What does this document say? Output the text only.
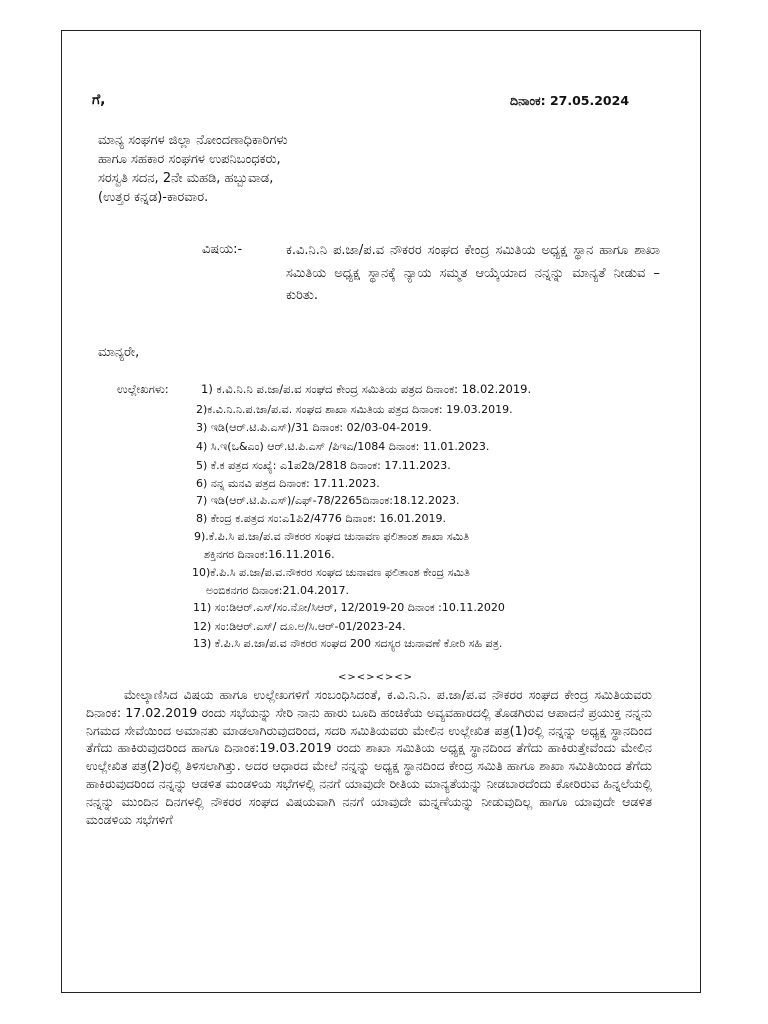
ಗೆ,	ದಿನಾಂಕ: 27.05.2024
ಮಾನ್ಯ ಸಂಘಗಳ ಜಿಲ್ಲಾ ನೋಂದಣಾಧಿಕಾರಿಗಳು
ಹಾಗೂ ಸಹಕಾರ ಸಂಘಗಳ ಉಪನಿಬಂಧಕರು,
ಸರಸ್ವತಿ ಸದನ, 2ನೇ ಮಹಡಿ, ಹಬ್ಬುವಾಡ,
(ಉತ್ತರ ಕನ್ನಡ)-ಕಾರವಾರ.
ವಿಷಯ:-	ಕ.ವಿ.ನಿ.ನಿ ಪ.ಜಾ/ಪ.ವ ನೌಕರರ ಸಂಘದ ಕೇಂದ್ರ ಸಮಿತಿಯ ಅಧ್ಯಕ್ಷ ಸ್ಥಾನ ಹಾಗೂ ಶಾಖಾ ಸಮಿತಿಯ ಅಧ್ಯಕ್ಷ ಸ್ಥಾನಕ್ಕೆ ನ್ಯಾಯ ಸಮ್ಮತ ಆಯ್ಕೆಯಾದ ನನ್ನನ್ನು ಮಾನ್ಯತೆ ನೀಡುವ – ಕುರಿತು.
ಮಾನ್ಯರೇ,
ಉಲ್ಲೇಖಗಳು:	1) ಕ.ವಿ.ನಿ.ನಿ ಪ.ಜಾ/ಪ.ವ ಸಂಘದ ಕೇಂದ್ರ ಸಮಿತಿಯ ಪತ್ರದ ದಿನಾಂಕ: 18.02.2019.
2)ಕ.ವಿ.ನಿ.ನಿ.ಪ.ಜಾ/ಪ.ವ. ಸಂಘದ ಶಾಖಾ ಸಮಿತಿಯ ಪತ್ರದ ದಿನಾಂಕ: 19.03.2019.
3) ಇಡಿ(ಆರ್.ಟಿ.ಪಿ.ಎಸ್)/31 ದಿನಾಂಕ: 02/03-04-2019.
4) ಸಿ.ಇ(ಒ&ಎಂ) ಆರ್.ಟಿ.ಪಿ.ಎಸ್ /ಪಿಇಎ/1084 ದಿನಾಂಕ: 11.01.2023.
5) ಕೆ.ಕ ಪತ್ರದ ಸಂಖ್ಯೆ: ಎ1ಪ2ಡಿ/2818 ದಿನಾಂಕ: 17.11.2023.
6) ನನ್ನ ಮನವಿ ಪತ್ರದ ದಿನಾಂಕ: 17.11.2023.
7) ಇಡಿ(ಆರ್.ಟಿ.ಪಿ.ಎಸ್)/ಎಫ್-78/2265ದಿನಾಂಕ:18.12.2023.
8) ಕೇಂದ್ರ ಕ.ಪತ್ರದ ಸಂ:ಎ1ಪಿ2/4776 ದಿನಾಂಕ: 16.01.2019.
9).ಕೆ.ಪಿ.ಸಿ ಪ.ಜಾ/ಪ.ವ ನೌಕರರ ಸಂಘದ ಚುನಾವಣ ಫಲಿತಾಂಶ ಶಾಖಾ ಸಮಿತಿ
ಶಕ್ತಿನಗರ ದಿನಾಂಕ:16.11.2016.
10)ಕೆ.ಪಿ.ಸಿ ಪ.ಜಾ/ಪ.ವ.ನೌಕರರ ಸಂಘದ ಚುನಾವಣ ಫಲಿತಾಂಶ ಕೇಂದ್ರ ಸಮಿತಿ
ಅಂಬಿಕನಗರ ದಿನಾಂಕ:21.04.2017.
11) ಸಂ:ಡಿಆರ್.ಎಸ್/ಸಂ.ನೋ/ಸಿಆರ್, 12/2019-20 ದಿನಾಂಕ :10.11.2020
12) ಸಂ:ಡಿಆರ್.ಎಸ್/ ದೂ.ಅ/ಸಿ.ಆರ್-01/2023-24.
13) ಕೆ.ಪಿ.ಸಿ ಪ.ಜಾ/ಪ.ವ ನೌಕರರ ಸಂಘದ 200 ಸದಸ್ಯರ ಚುನಾವಣೆ ಕೋರಿ ಸಹಿ ಪತ್ರ.
<><><><>

ಮೇಲ್ಕಾಣಿಸಿದ ವಿಷಯ ಹಾಗೂ ಉಲ್ಲೇಖಗಳಿಗೆ ಸಂಬಂಧಿಸಿದಂತೆ, ಕ.ವಿ.ನಿ.ನಿ. ಪ.ಜಾ/ಪ.ವ ನೌಕರರ ಸಂಘದ ಕೇಂದ್ರ ಸಮಿತಿಯವರು ದಿನಾಂಕ: 17.02.2019 ರಂದು ಸಭೆಯನ್ನು ಸೇರಿ ನಾನು ಹಾರು ಬೂದಿ ಹಂಚಿಕೆಯ ಅವ್ಯವಹಾರದಲ್ಲಿ ತೊಡಗಿರುವ ಆಪಾದನೆ ಪ್ರಯುಕ್ತ ನನ್ನನು ನಿಗಮದ ಸೇವೆಯಿಂದ ಅಮಾನತು ಮಾಡಲಾಗಿರುವುದರಿಂದ, ಸದರಿ ಸಮಿತಿಯವರು ಮೇಲಿನ ಉಲ್ಲೇಖಿತ ಪತ್ರ(1)ರಲ್ಲಿ ನನ್ನನ್ನು ಅಧ್ಯಕ್ಷ ಸ್ಥಾನದಿಂದ ತೆಗೆದು ಹಾಕಿರುವುದರಿಂದ ಹಾಗೂ ದಿನಾಂಕ:19.03.2019 ರಂದು ಶಾಖಾ ಸಮಿತಿಯ ಅಧ್ಯಕ್ಷ ಸ್ಥಾನದಿಂದ ತೆಗೆದು ಹಾಕಿರುತ್ತೇವೆಂದು ಮೇಲಿನ ಉಲ್ಲೇಖಿತ ಪತ್ರ(2)ರಲ್ಲಿ ತಿಳಿಸಲಾಗಿತ್ತು. ಅದರ ಆಧಾರದ ಮೇಲೆ ನನ್ನನ್ನು ಅಧ್ಯಕ್ಷ ಸ್ಥಾನದಿಂದ ಕೇಂದ್ರ ಸಮಿತಿ ಹಾಗೂ ಶಾಖಾ ಸಮಿತಿಯಿಂದ ತೆಗೆದು ಹಾಕಿರುವುದರಿಂದ ನನ್ನನ್ನು ಆಡಳಿತ ಮಂಡಳಿಯ ಸಭೆಗಳಲ್ಲಿ ನನಗೆ ಯಾವುದೇ ರೀತಿಯ ಮಾನ್ಯತೆಯನ್ನು ನೀಡಬಾರದೆಂದು ಕೋರಿರುವ ಹಿನ್ನಲೆಯಲ್ಲಿ ನನ್ನನ್ನು ಮುಂದಿನ ದಿನಗಳಲ್ಲಿ ನೌಕರರ ಸಂಘದ ವಿಷಯವಾಗಿ ನನಗೆ ಯಾವುದೇ ಮನ್ನಣೆಯನ್ನು ನೀಡುವುದಿಲ್ಲ ಹಾಗೂ ಯಾವುದೇ ಆಡಳಿತ ಮಂಡಳಿಯ ಸಭೆಗಳಿಗೆ
